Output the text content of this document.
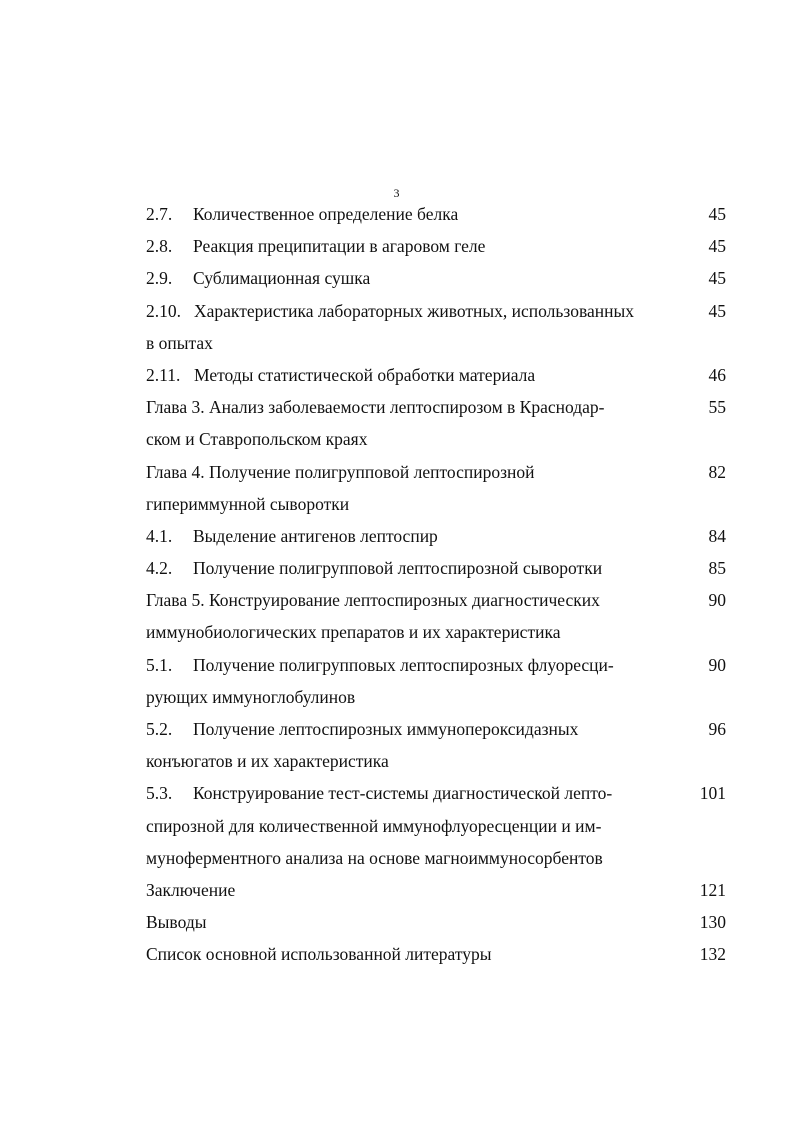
3
2.7.	Количественное определение белка	45
2.8.	Реакция преципитации в агаровом геле	45
2.9.	Сублимационная сушка	45
2.10. Характеристика лабораторных животных, использованных	45
в опытах
2.11. Методы статистической обработки материала	46
Глава 3. Анализ заболеваемости лептоспирозом в Краснодар-	55
ском и Ставропольском краях
Глава 4. Получение полигрупповой лептоспирозной	82
гипериммунной сыворотки
4.1.	Выделение антигенов лептоспир	84
4.2.	Получение полигрупповой лептоспирозной сыворотки	85
Глава 5. Конструирование лептоспирозных диагностических	90
иммунобиологических препаратов и их характеристика
5.1.	Получение полигрупповых лептоспирозных флуоресци-	90
рующих иммуноглобулинов
5.2.	Получение лептоспирозных иммунопероксидазных	96
конъюгатов и их характеристика
5.3.	Конструирование тест-системы диагностической лепто-	101
спирозной для количественной иммунофлуоресценции и им-
муноферментного анализа на основе магноиммуносорбентов
Заключение	121
Выводы	130
Список основной использованной литературы	132
